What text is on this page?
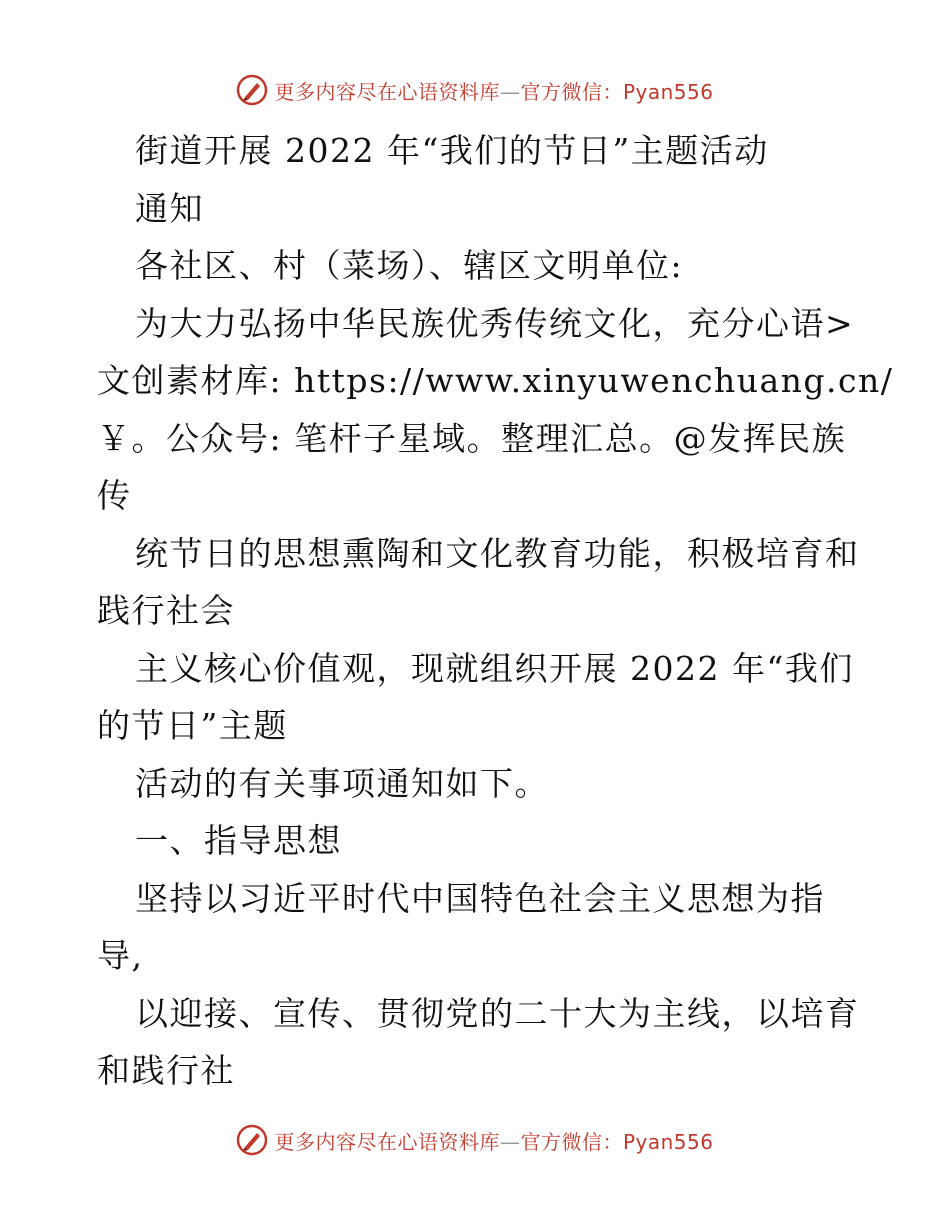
更多内容尽在心语资料库—官方微信：Pyan556
街道开展 2022 年“我们的节日”主题活动
通知
各社区、村（菜场）、辖区文明单位:
为大力弘扬中华民族优秀传统文化，充分心语>
文创素材库: https://www.xinyuwenchuang.cn/
￥。公众号: 笔杆子星域。整理汇总。@发挥民族
传
统节日的思想熏陶和文化教育功能，积极培育和
践行社会
主义核心价值观，现就组织开展 2022 年“我们
的节日”主题
活动的有关事项通知如下。
一、指导思想
坚持以习近平时代中国特色社会主义思想为指
导,
以迎接、宣传、贯彻党的二十大为主线，以培育
和践行社
更多内容尽在心语资料库—官方微信：Pyan556
